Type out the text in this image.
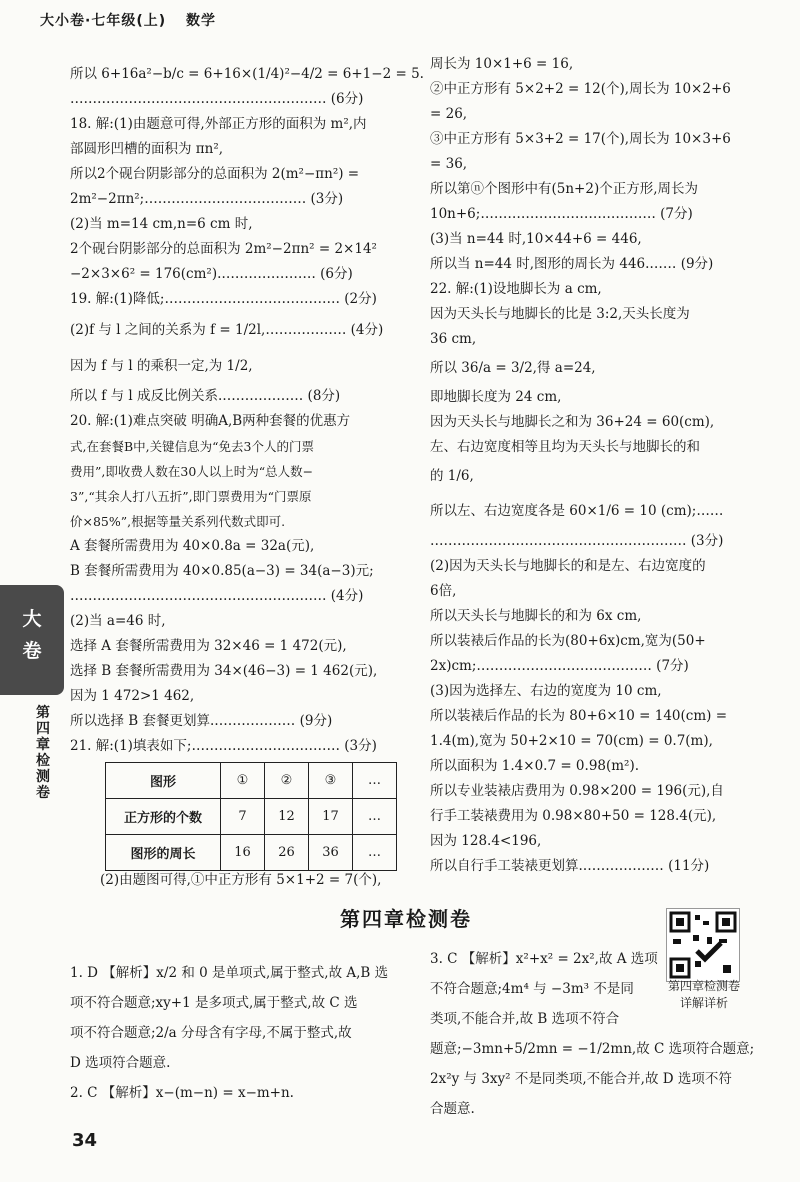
大小卷·七年级(上) 数学
所以 6+16a²−b/c = 6+16×(1/4)²−4/2 = 6+1−2 = 5.
………………………………………………… (6分)
18. 解:(1)由题意可得,外部正方形的面积为 m²,内
部圆形凹槽的面积为 πn²,
所以2个砚台阴影部分的总面积为 2(m²−πn²) =
2m²−2πn²;……………………………… (3分)
(2)当 m=14 cm,n=6 cm 时,
2个砚台阴影部分的总面积为 2m²−2πn² = 2×14²
−2×3×6² = 176(cm²).………………… (6分)
19. 解:(1)降低;………………………………… (2分)
(2)f 与 l 之间的关系为 f = 1/2l,……………… (4分)
因为 f 与 l 的乘积一定,为 1/2,
所以 f 与 l 成反比例关系.……………… (8分)
20. 解:(1)难点突破 明确A,B两种套餐的优惠方
式,在套餐B中,关键信息为“免去3个人的门票
费用”,即收费人数在30人以上时为“总人数−
3”,“其余人打八五折”,即门票费用为“门票原
价×85%”,根据等量关系列代数式即可.
A 套餐所需费用为 40×0.8a = 32a(元),
B 套餐所需费用为 40×0.85(a−3) = 34(a−3)元;
………………………………………………… (4分)
(2)当 a=46 时,
选择 A 套餐所需费用为 32×46 = 1 472(元),
选择 B 套餐所需费用为 34×(46−3) = 1 462(元),
因为 1 472>1 462,
所以选择 B 套餐更划算.……………… (9分)
21. 解:(1)填表如下;…………………………… (3分)
图形	①	②	③	…
正方形的个数	7	12	17	…
图形的周长	16	26	36	…
(2)由题图可得,①中正方形有 5×1+2 = 7(个),
周长为 10×1+6 = 16,
②中正方形有 5×2+2 = 12(个),周长为 10×2+6
= 26,
③中正方形有 5×3+2 = 17(个),周长为 10×3+6
= 36,
所以第ⓝ个图形中有(5n+2)个正方形,周长为
10n+6;………………………………… (7分)
(3)当 n=44 时,10×44+6 = 446,
所以当 n=44 时,图形的周长为 446.…… (9分)
22. 解:(1)设地脚长为 a cm,
因为天头长与地脚长的比是 3:2,天头长度为
36 cm,
所以 36/a = 3/2,得 a=24,
即地脚长度为 24 cm,
因为天头长与地脚长之和为 36+24 = 60(cm),
左、右边宽度相等且均为天头长与地脚长的和
的 1/6,
所以左、右边宽度各是 60×1/6 = 10 (cm);……
………………………………………………… (3分)
(2)因为天头长与地脚长的和是左、右边宽度的
6倍,
所以天头长与地脚长的和为 6x cm,
所以装裱后作品的长为(80+6x)cm,宽为(50+
2x)cm;………………………………… (7分)
(3)因为选择左、右边的宽度为 10 cm,
所以装裱后作品的长为 80+6×10 = 140(cm) =
1.4(m),宽为 50+2×10 = 70(cm) = 0.7(m),
所以面积为 1.4×0.7 = 0.98(m²).
所以专业装裱店费用为 0.98×200 = 196(元),自
行手工装裱费用为 0.98×80+50 = 128.4(元),
因为 128.4<196,
所以自行手工装裱更划算.……………… (11分)
大
卷
第四章检测卷
第四章检测卷
第四章检测卷
详解详析
1. D 【解析】x/2 和 0 是单项式,属于整式,故 A,B 选
项不符合题意;xy+1 是多项式,属于整式,故 C 选
项不符合题意;2/a 分母含有字母,不属于整式,故
D 选项符合题意.
2. C 【解析】x−(m−n) = x−m+n.
3. C 【解析】x²+x² = 2x²,故 A 选项
不符合题意;4m⁴ 与 −3m³ 不是同
类项,不能合并,故 B 选项不符合
题意;−3mn+5/2mn = −1/2mn,故 C 选项符合题意;
2x²y 与 3xy² 不是同类项,不能合并,故 D 选项不符
合题意.
34
